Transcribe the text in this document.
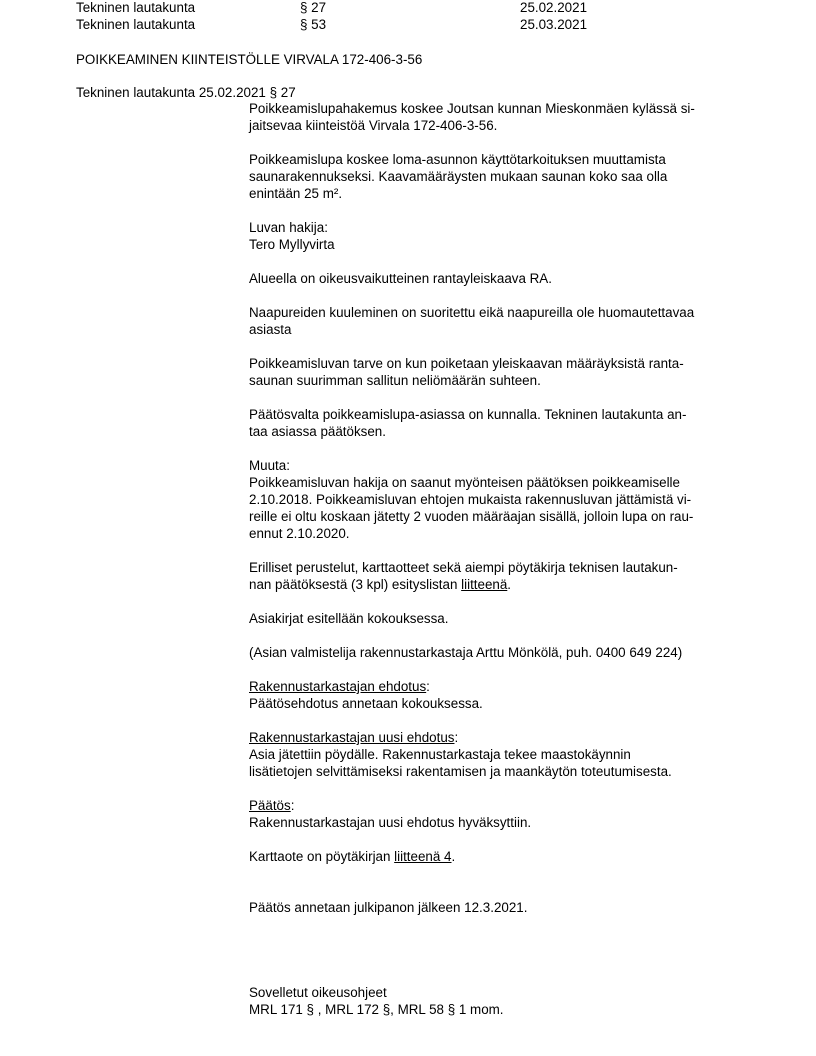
Tekninen lautakunta	§ 27	25.02.2021
Tekninen lautakunta	§ 53	25.03.2021
POIKKEAMINEN KIINTEISTÖLLE VIRVALA 172-406-3-56
Tekninen lautakunta 25.02.2021 § 27
Poikkeamislupahakemus koskee Joutsan kunnan Mieskonmäen kylässä si-
jaitsevaa kiinteistöä Virvala 172-406-3-56.
Poikkeamislupa koskee loma-asunnon käyttötarkoituksen muuttamista
saunarakennukseksi. Kaavamääräysten mukaan saunan koko saa olla
enintään 25 m².
Luvan hakija:
Tero Myllyvirta
Alueella on oikeusvaikutteinen rantayleiskaava RA.
Naapureiden kuuleminen on suoritettu eikä naapureilla ole huomautettavaa
asiasta
Poikkeamisluvan tarve on kun poiketaan yleiskaavan määräyksistä ranta-
saunan suurimman sallitun neliömäärän suhteen.
Päätösvalta poikkeamislupa-asiassa on kunnalla. Tekninen lautakunta an-
taa asiassa päätöksen.
Muuta:
Poikkeamisluvan hakija on saanut myönteisen päätöksen poikkeamiselle
2.10.2018. Poikkeamisluvan ehtojen mukaista rakennusluvan jättämistä vi-
reille ei oltu koskaan jätetty 2 vuoden määräajan sisällä, jolloin lupa on rau-
ennut 2.10.2020.
Erilliset perustelut, karttaotteet sekä aiempi pöytäkirja teknisen lautakun-
nan päätöksestä (3 kpl) esityslistan liitteenä.
Asiakirjat esitellään kokouksessa.
(Asian valmistelija rakennustarkastaja Arttu Mönkölä, puh. 0400 649 224)
Rakennustarkastajan ehdotus:
Päätösehdotus annetaan kokouksessa.
Rakennustarkastajan uusi ehdotus:
Asia jätettiin pöydälle. Rakennustarkastaja tekee maastokäynnin
lisätietojen selvittämiseksi rakentamisen ja maankäytön toteutumisesta.
Päätös:
Rakennustarkastajan uusi ehdotus hyväksyttiin.
Karttaote on pöytäkirjan liitteenä 4.
Päätös annetaan julkipanon jälkeen 12.3.2021.
Sovelletut oikeusohjeet
MRL 171 § , MRL 172 §, MRL 58 § 1 mom.
